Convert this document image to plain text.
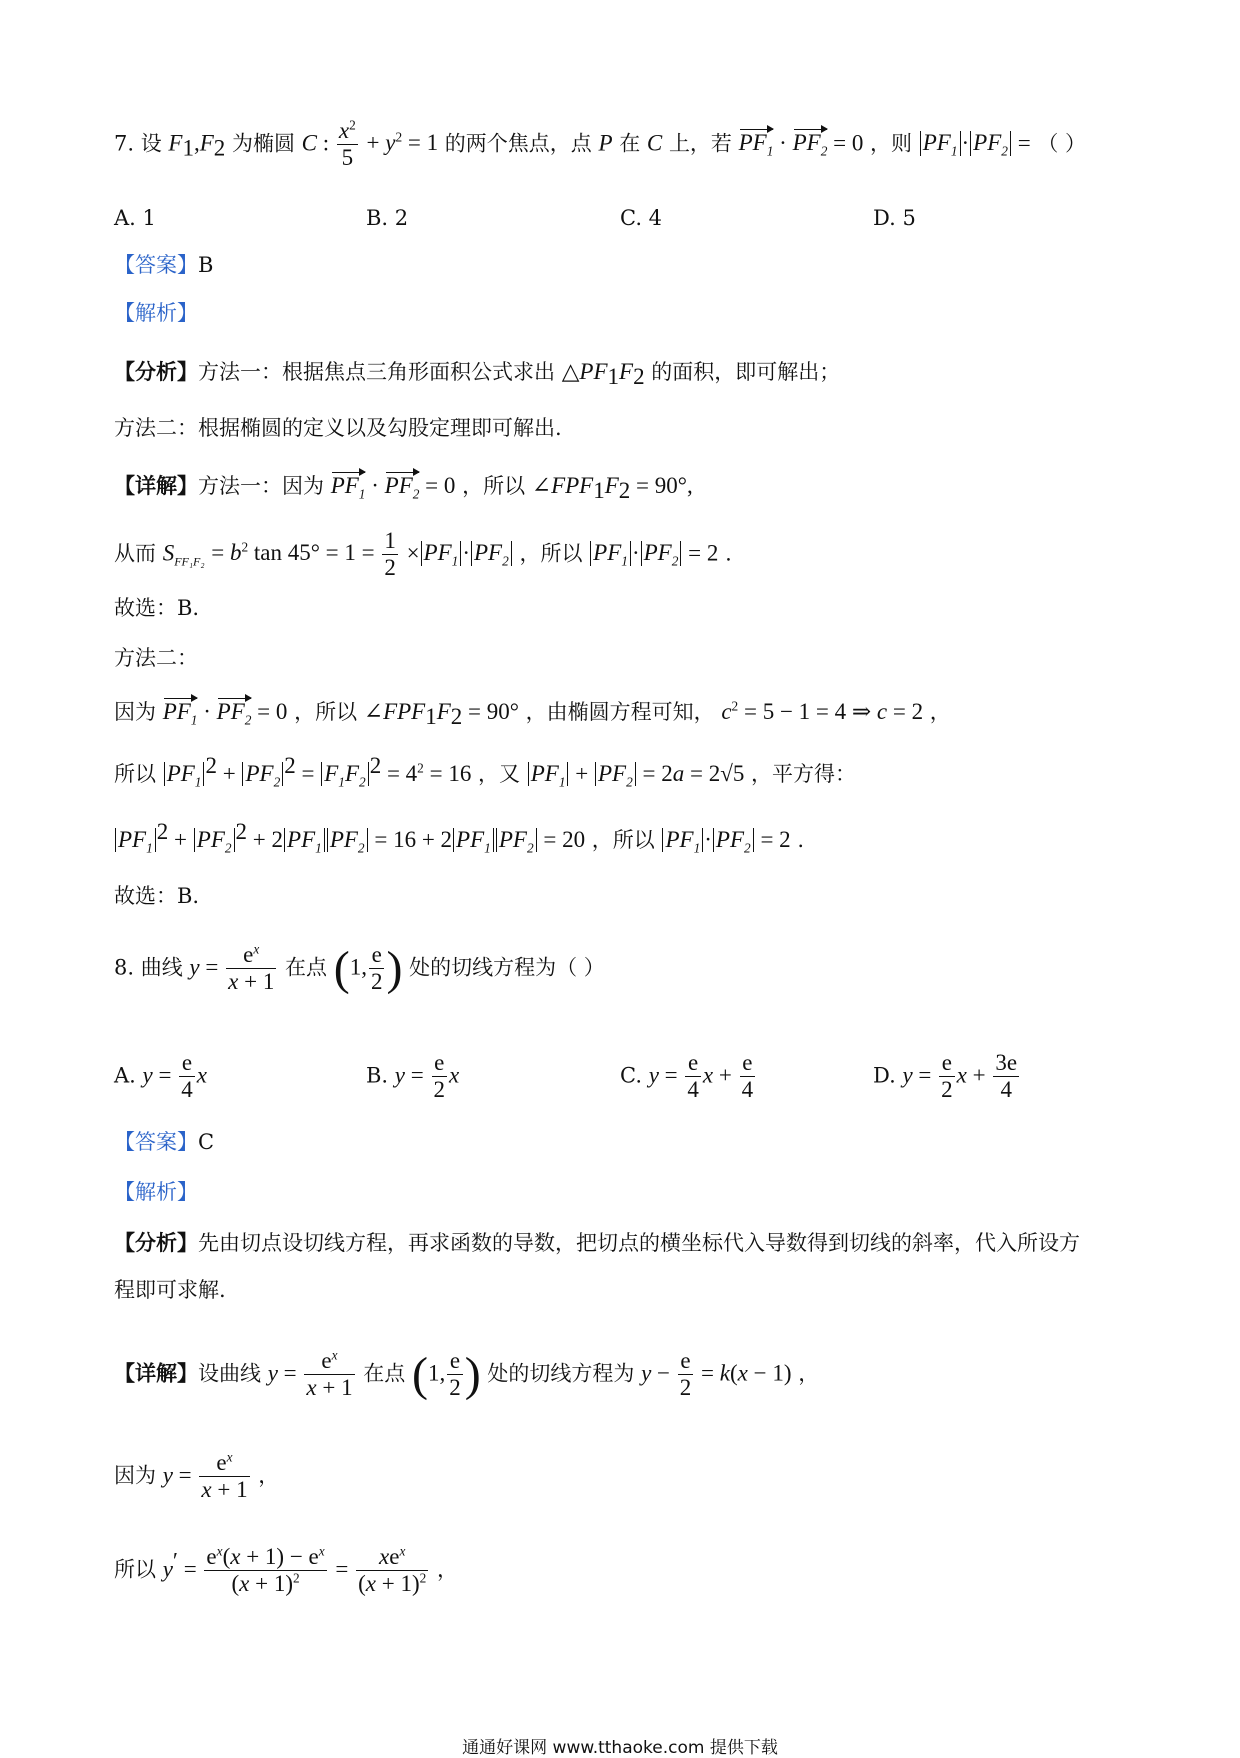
7. 设 $F_1,F_2$ 为椭圆 C : $\frac{x^2}{5} + y^2 = 1$ 的两个焦点，点 P 在 C 上，若 $PF_1 \cdot PF_2 = 0$ ，则 $PF_1 \cdot PF_2$ = （ ）
A. 1	B. 2	C. 4	D. 5
【答案】B
【解析】
【分析】方法一：根据焦点三角形面积公式求出 $\triangle PF_1F_2$ 的面积，即可解出；
方法二：根据椭圆的定义以及勾股定理即可解出.
【详解】方法一：因为 $PF_1 \cdot PF_2 = 0$ ，所以 $\angle FPF_1F_2 = 90^\circ$,
从而 $S_{FF_1F_2} = b^2$ $\tan 45^\circ = 1 = \frac{1}{2} \times PF_1 \cdot PF_2$ ，所以 $PF_1 \cdot PF_2 = 2$ .
故选：B.
方法二：
因为 $PF_1 \cdot PF_2 = 0$ ，所以 $\angle FPF_1F_2 = 90^\circ$ ，由椭圆方程可知， $c^2 = 5 - 1 = 4$ ⇒ c = 2 ，
所以 $PF_1^2 + PF_2^2 = F_1F_2^2 = 4^2 = 16$ ，又 $PF_1 + PF_2 = 2a = 2√5$ ，平方得：
$PF_1^2 + PF_2^2 + 2$ $PF_1$ $PF_2 = 16 + 2$ $PF_1$ $PF_2 = 20$ ，所以 $PF_1 \cdot PF_2 = 2$ .
故选：B.
8. 曲线 $y = \frac{e^x}{x + 1}$ 在点 (1, $\frac{e}{2}$ ) 处的切线方程为（ ）
A. $y = \frac{e}{4}$ x	B. $y = \frac{e}{2}$ x	C. $y = \frac{e}{4}$ $x + \frac{e}{4}$	D. $y = \frac{e}{2}$ $x + \frac{3e}{4}$
【答案】C
【解析】
【分析】先由切点设切线方程，再求函数的导数，把切点的横坐标代入导数得到切线的斜率，代入所设方
程即可求解.
【详解】设曲线 $y = \frac{e^x}{x + 1}$ 在点 (1, $\frac{e}{2}$ ) 处的切线方程为 $y - \frac{e}{2} = k(x - 1)$ ，
因为 $y = \frac{e^x}{x + 1}$ ，
所以 $y' = \frac{e^x(x + 1) - e^x}{(x + 1)^2} = \frac{xe^x}{(x + 1)^2}$ ，
通通好课网 www.tthaoke.com 提供下载
